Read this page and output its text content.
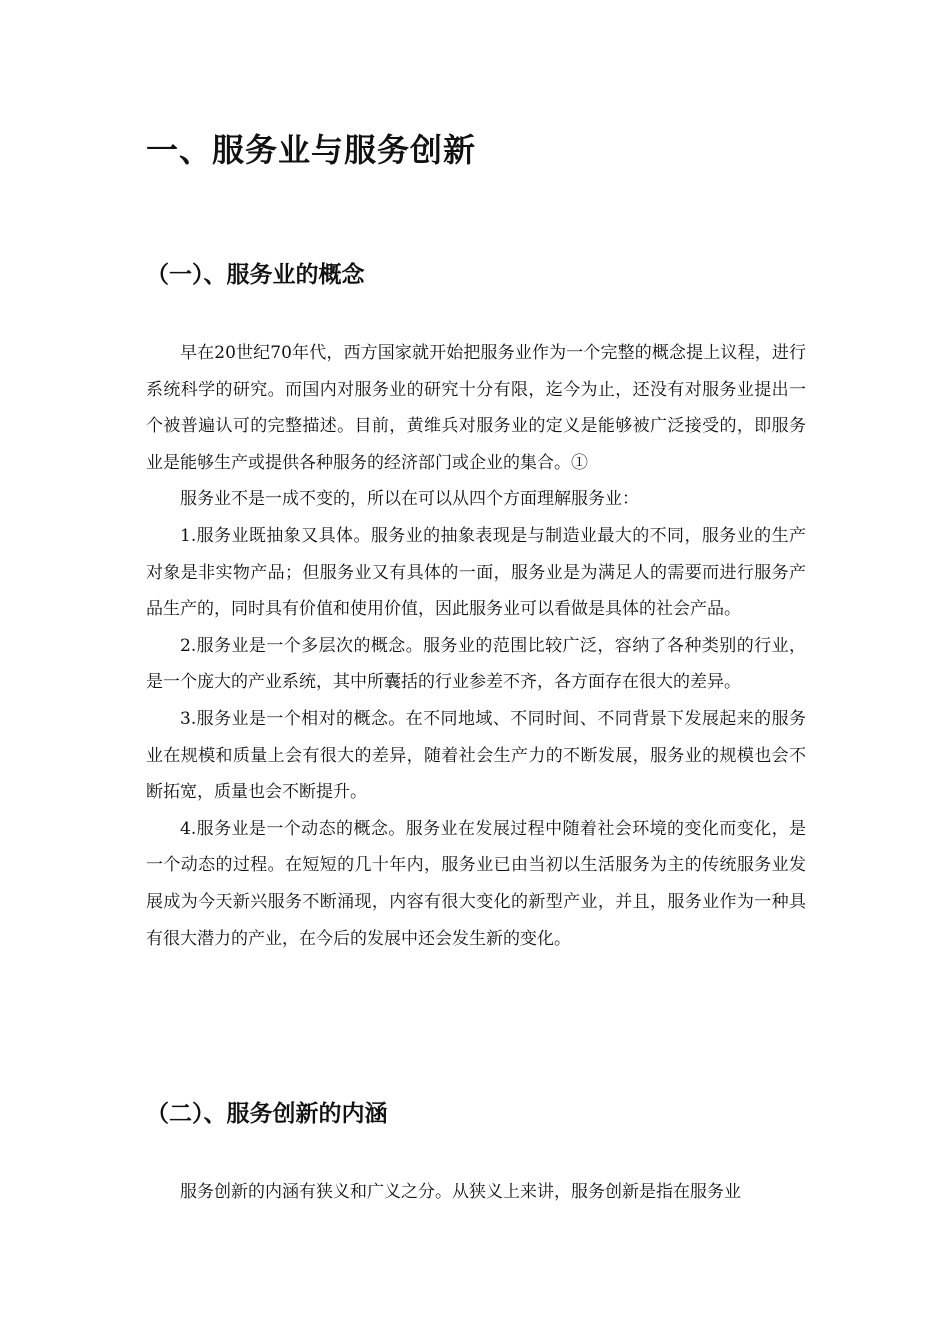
一、服务业与服务创新
（一）、服务业的概念

早在20世纪70年代，西方国家就开始把服务业作为一个完整的概念提上议程，进行系统科学的研究。而国内对服务业的研究十分有限，迄今为止，还没有对服务业提出一个被普遍认可的完整描述。目前，黄维兵对服务业的定义是能够被广泛接受的，即服务业是能够生产或提供各种服务的经济部门或企业的集合。①

服务业不是一成不变的，所以在可以从四个方面理解服务业：

1.服务业既抽象又具体。服务业的抽象表现是与制造业最大的不同，服务业的生产对象是非实物产品；但服务业又有具体的一面，服务业是为满足人的需要而进行服务产品生产的，同时具有价值和使用价值，因此服务业可以看做是具体的社会产品。

2.服务业是一个多层次的概念。服务业的范围比较广泛，容纳了各种类别的行业，是一个庞大的产业系统，其中所囊括的行业参差不齐，各方面存在很大的差异。

3.服务业是一个相对的概念。在不同地域、不同时间、不同背景下发展起来的服务业在规模和质量上会有很大的差异，随着社会生产力的不断发展，服务业的规模也会不断拓宽，质量也会不断提升。

4.服务业是一个动态的概念。服务业在发展过程中随着社会环境的变化而变化，是一个动态的过程。在短短的几十年内，服务业已由当初以生活服务为主的传统服务业发展成为今天新兴服务不断涌现，内容有很大变化的新型产业，并且，服务业作为一种具有很大潜力的产业，在今后的发展中还会发生新的变化。

（二）、服务创新的内涵

服务创新的内涵有狭义和广义之分。从狭义上来讲，服务创新是指在服务业
